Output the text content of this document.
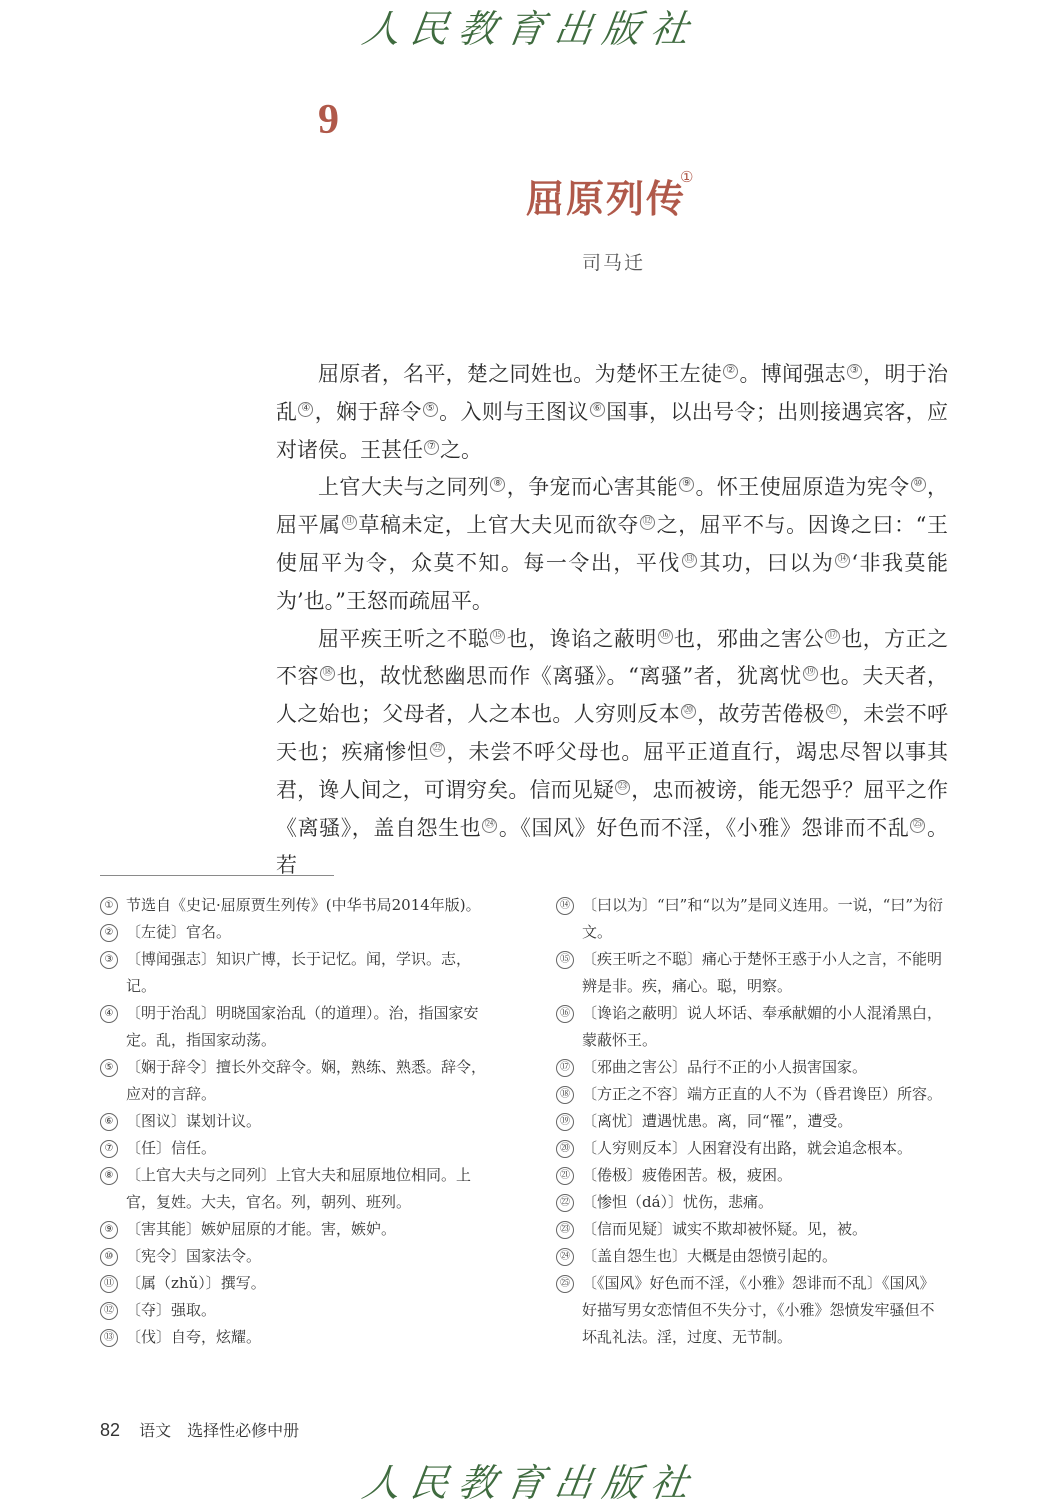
人民教育出版社
9
屈原列传
①
司马迁

屈原者，名平，楚之同姓也。为楚怀王左徒 ② 。博闻强志 ③ ，明于治乱 ④ ，娴于辞令 ⑤ 。入则与王图议 ⑥ 国事，以出号令；出则接遇宾客，应对诸侯。王甚任 ⑦ 之。

上官大夫与之同列 ⑧ ，争宠而心害其能 ⑨ 。怀王使屈原造为宪令 ⑩ ，屈平属 ⑪ 草稿未定，上官大夫见而欲夺 ⑫ 之，屈平不与。因谗之曰：“王使屈平为令，众莫不知。每一令出，平伐 ⑬ 其功，曰以为 ⑭ ‘非我莫能为’也。”王怒而疏屈平。

屈平疾王听之不聪 ⑮ 也，谗谄之蔽明 ⑯ 也，邪曲之害公 ⑰ 也，方正之不容 ⑱ 也，故忧愁幽思而作《离骚》。“离骚”者，犹离忧 ⑲ 也。夫天者，人之始也；父母者，人之本也。人穷则反本 ⑳ ，故劳苦倦极 ㉑ ，未尝不呼天也；疾痛惨怛 ㉒ ，未尝不呼父母也。屈平正道直行，竭忠尽智以事其君，谗人间之，可谓穷矣。信而见疑 ㉓ ，忠而被谤，能无怨乎？屈平之作《离骚》，盖自怨生也 ㉔ 。《国风》好色而不淫，《小雅》怨诽而不乱 ㉕ 。若

① 节选自《史记·屈原贾生列传》(中华书局2014年版)。
② 〔左徒〕官名。
③ 〔博闻强志〕知识广博，长于记忆。闻，学识。志，记。
④ 〔明于治乱〕明晓国家治乱（的道理）。治，指国家安定。乱，指国家动荡。
⑤ 〔娴于辞令〕擅长外交辞令。娴，熟练、熟悉。辞令，应对的言辞。
⑥ 〔图议〕谋划计议。
⑦ 〔任〕信任。
⑧ 〔上官大夫与之同列〕上官大夫和屈原地位相同。上官，复姓。大夫，官名。列，朝列、班列。
⑨ 〔害其能〕嫉妒屈原的才能。害，嫉妒。
⑩ 〔宪令〕国家法令。
⑪ 〔属（zhǔ）〕撰写。
⑫ 〔夺〕强取。
⑬ 〔伐〕自夸，炫耀。
⑭ 〔曰以为〕“曰”和“以为”是同义连用。一说，“曰”为衍文。
⑮ 〔疾王听之不聪〕痛心于楚怀王惑于小人之言，不能明辨是非。疾，痛心。聪，明察。
⑯ 〔谗谄之蔽明〕说人坏话、奉承献媚的小人混淆黑白，蒙蔽怀王。
⑰ 〔邪曲之害公〕品行不正的小人损害国家。
⑱ 〔方正之不容〕端方正直的人不为（昏君谗臣）所容。
⑲ 〔离忧〕遭遇忧患。离，同“罹”，遭受。
⑳ 〔人穷则反本〕人困窘没有出路，就会追念根本。
㉑ 〔倦极〕疲倦困苦。极，疲困。
㉒ 〔惨怛（dá）〕忧伤，悲痛。
㉓ 〔信而见疑〕诚实不欺却被怀疑。见，被。
㉔ 〔盖自怨生也〕大概是由怨愤引起的。
㉕ 〔《国风》好色而不淫，《小雅》怨诽而不乱〕《国风》好描写男女恋情但不失分寸，《小雅》怨愤发牢骚但不坏乱礼法。淫，过度、无节制。
82 语文　选择性必修中册
人民教育出版社
